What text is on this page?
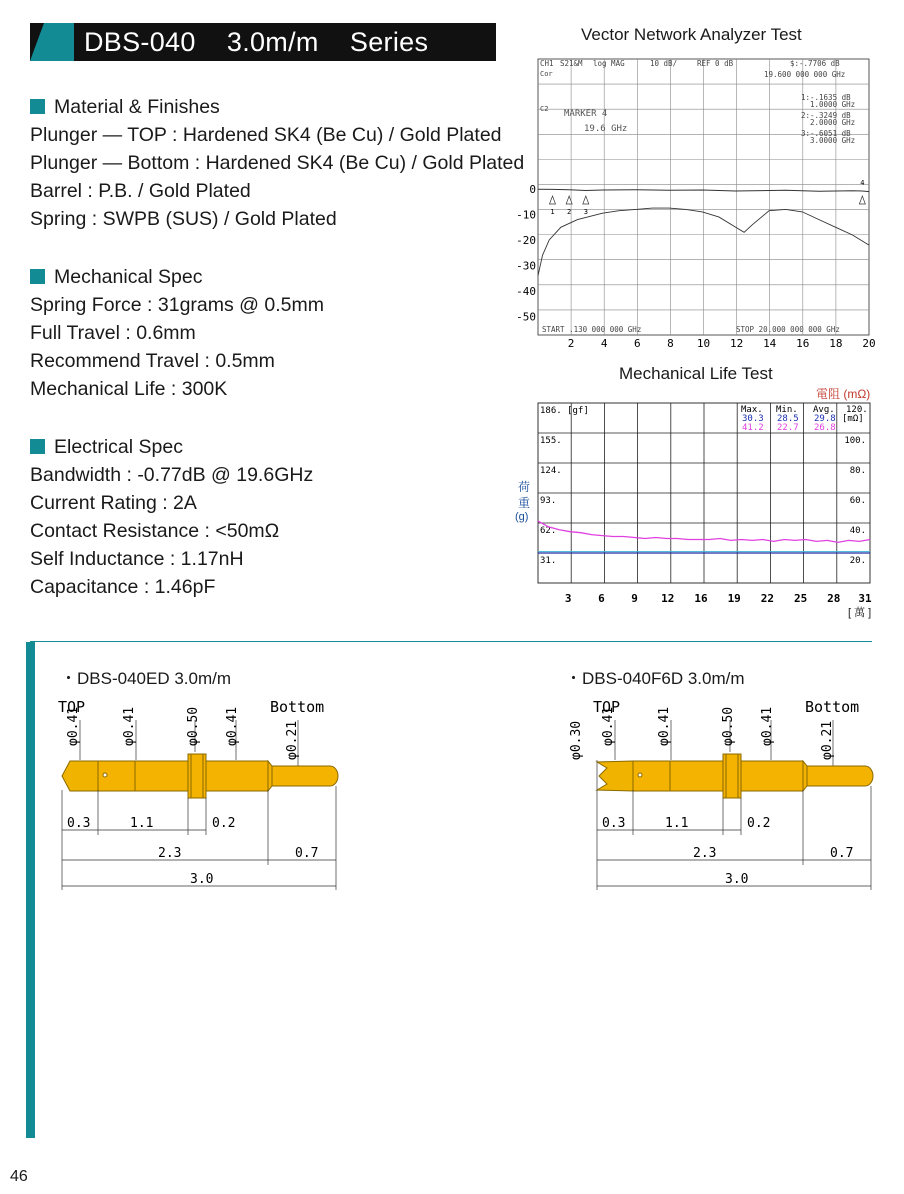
DBS-040 3.0m/m Series
Material & Finishes
Plunger — TOP : Hardened SK4 (Be Cu) / Gold Plated
Plunger — Bottom : Hardened SK4 (Be Cu) / Gold Plated
Barrel : P.B. / Gold Plated
Spring : SWPB (SUS) / Gold Plated
Mechanical Spec
Spring Force : 31grams @ 0.5mm
Full Travel : 0.6mm
Recommend Travel : 0.5mm
Mechanical Life : 300K
Electrical Spec
Bandwidth : -0.77dB @ 19.6GHz
Current Rating : 2A
Contact Resistance : <50mΩ
Self Inductance : 1.17nH
Capacitance : 1.46pF
Vector Network Analyzer Test
CH1 S21&M log MAG	10 dB/	REF 0 dB	$:-.7706 dB
Cor	19.600 000 000 GHz
C2 MARKER 4
19.6 GHz
1: -.1635 dB
1.0000 GHz
2: -.3249 dB
2.0000 GHz
3: -.6051 dB
3.0000 GHz
START .130 000 000 GHz	STOP 20.000 000 000 GHz
0
-10
-20
-30
-40
-50
2 4 6 8 10 12 14 16 18 20
1 2 3
4
Mechanical Life Test
電阻 (mΩ)
荷
重
(g)
[ 萬 ]
186. [gf]
155.
124.
93.
62.
31.
100.
80.
60.
40.
20.
3 6 9 12 16 19 22 25 28 31
Max. Min. Avg. 120.
[mΩ]
30.3
41.2
28.5
22.7
29.8
26.8
・DBS-040ED 3.0m/m
TOP	Bottom
φ0.41	φ0.41	φ0.50 φ0.41	φ0.21
0.3	1.1	0.2
2.3	0.7
3.0
・DBS-040F6D 3.0m/m
TOP	Bottom
φ0.30 φ0.41	φ0.41	φ0.50 φ0.41	φ0.21
0.3	1.1	0.2
2.3	0.7
3.0
46
